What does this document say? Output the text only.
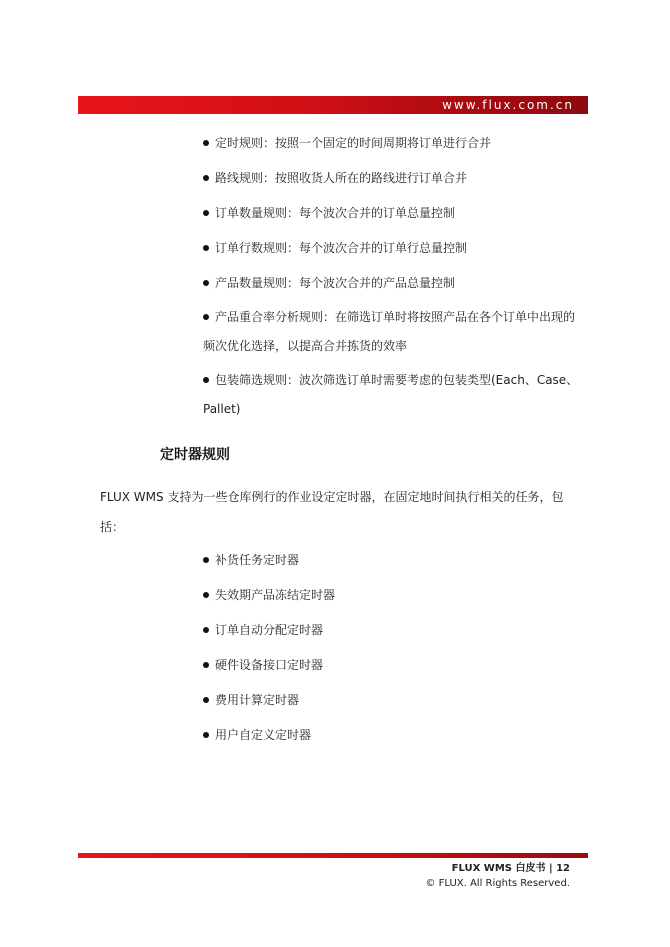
www.flux.com.cn
定时规则：按照一个固定的时间周期将订单进行合并
路线规则：按照收货人所在的路线进行订单合并
订单数量规则：每个波次合并的订单总量控制
订单行数规则：每个波次合并的订单行总量控制
产品数量规则：每个波次合并的产品总量控制
产品重合率分析规则：在筛选订单时将按照产品在各个订单中出现的频次优化选择，以提高合并拣货的效率
包装筛选规则：波次筛选订单时需要考虑的包装类型(Each、Case、Pallet)
定时器规则

FLUX WMS 支持为一些仓库例行的作业设定定时器，在固定地时间执行相关的任务，包括：

补货任务定时器
失效期产品冻结定时器
订单自动分配定时器
硬件设备接口定时器
费用计算定时器
用户自定义定时器
FLUX WMS 白皮书 | 12
© FLUX. All Rights Reserved.
